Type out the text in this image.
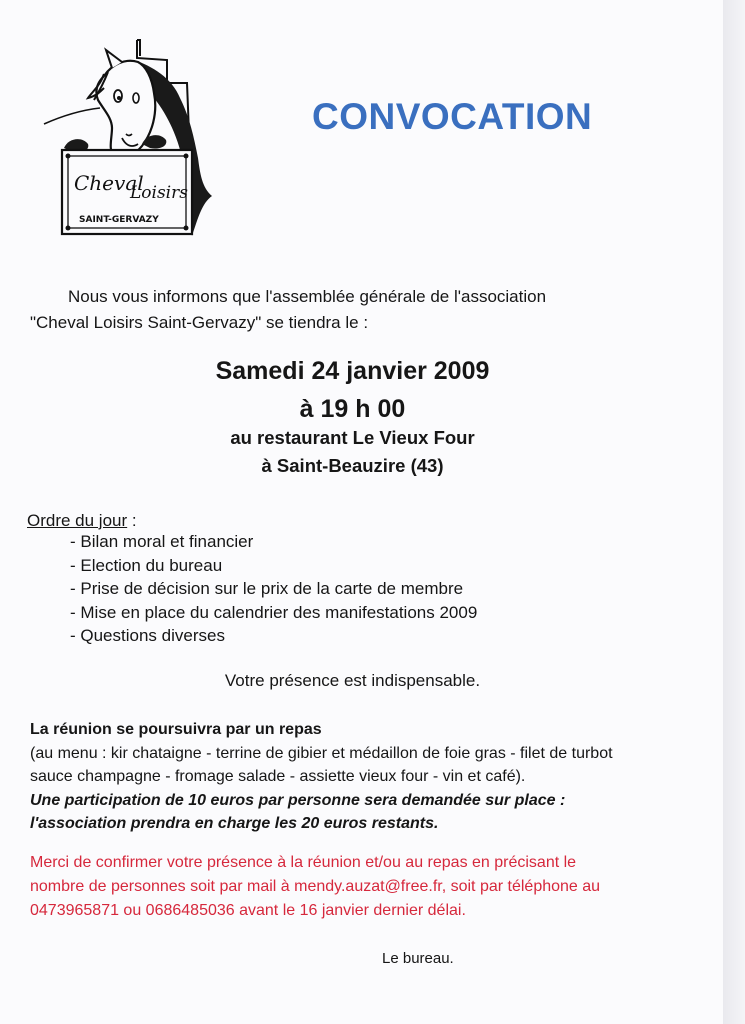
Cheval
Loisirs
SAINT-GERVAZY
CONVOCATION
Nous vous informons que l'assemblée générale de l'association
"Cheval Loisirs Saint-Gervazy" se tiendra le :
Samedi 24 janvier 2009
à 19 h 00
au restaurant Le Vieux Four
à Saint-Beauzire (43)
Ordre du jour :
- Bilan moral et financier
- Election du bureau
- Prise de décision sur le prix de la carte de membre
- Mise en place du calendrier des manifestations 2009
- Questions diverses
Votre présence est indispensable.
La réunion se poursuivra par un repas
(au menu : kir chataigne - terrine de gibier et médaillon de foie gras - filet de turbot
sauce champagne - fromage salade - assiette vieux four - vin et café).
Une participation de 10 euros par personne sera demandée sur place :
l'association prendra en charge les 20 euros restants.
Merci de confirmer votre présence à la réunion et/ou au repas en précisant le
nombre de personnes soit par mail à mendy.auzat@free.fr, soit par téléphone au
0473965871 ou 0686485036 avant le 16 janvier dernier délai.
Le bureau.
